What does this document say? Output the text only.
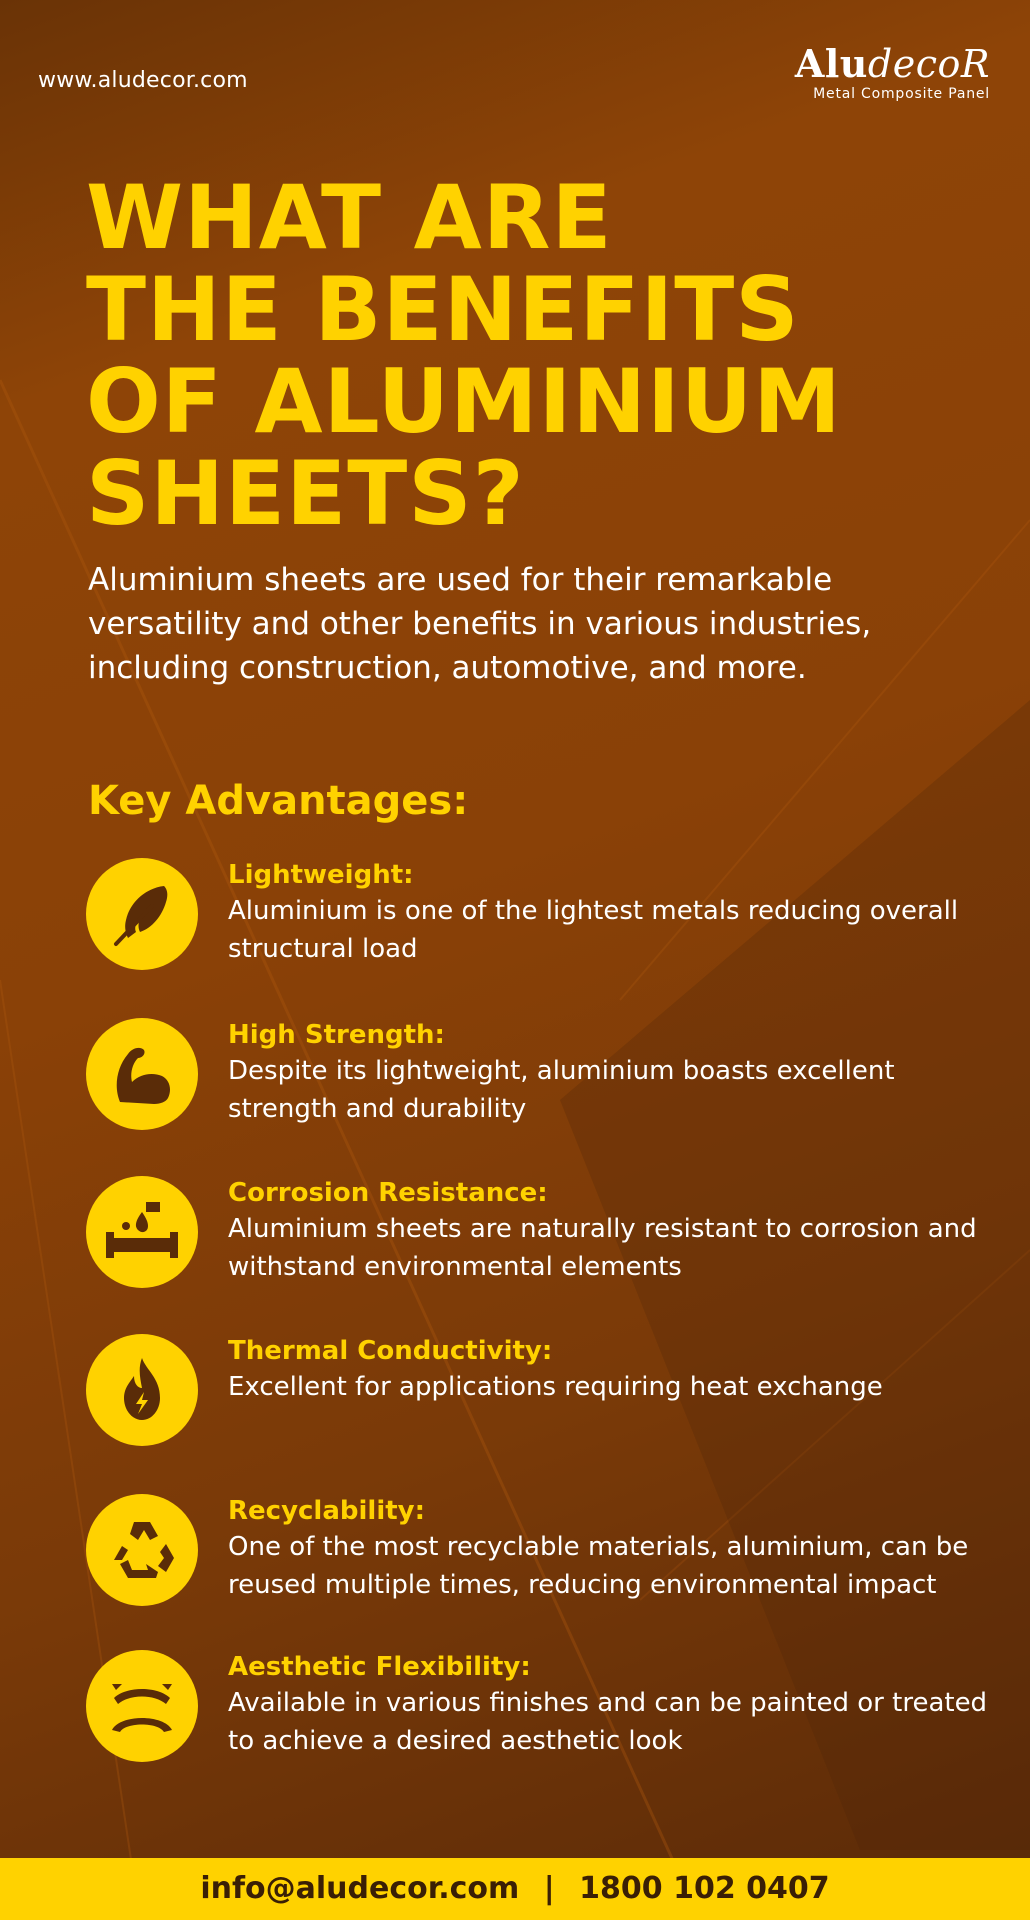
www.aludecor.com	AludecoR
Metal Composite Panel
WHAT ARE
THE BENEFITS
OF ALUMINIUM
SHEETS?
Aluminium sheets are used for their remarkable versatility and other benefits in various industries, including construction, automotive, and more.
Key Advantages:
Lightweight:
Aluminium is one of the lightest metals reducing overall structural load
High Strength:
Despite its lightweight, aluminium boasts excellent strength and durability
Corrosion Resistance:
Aluminium sheets are naturally resistant to corrosion and withstand environmental elements
Thermal Conductivity:
Excellent for applications requiring heat exchange
Recyclability:
One of the most recyclable materials, aluminium, can be reused multiple times, reducing environmental impact
Aesthetic Flexibility:
Available in various finishes and can be painted or treated to achieve a desired aesthetic look
info@aludecor.com | 1800 102 0407
